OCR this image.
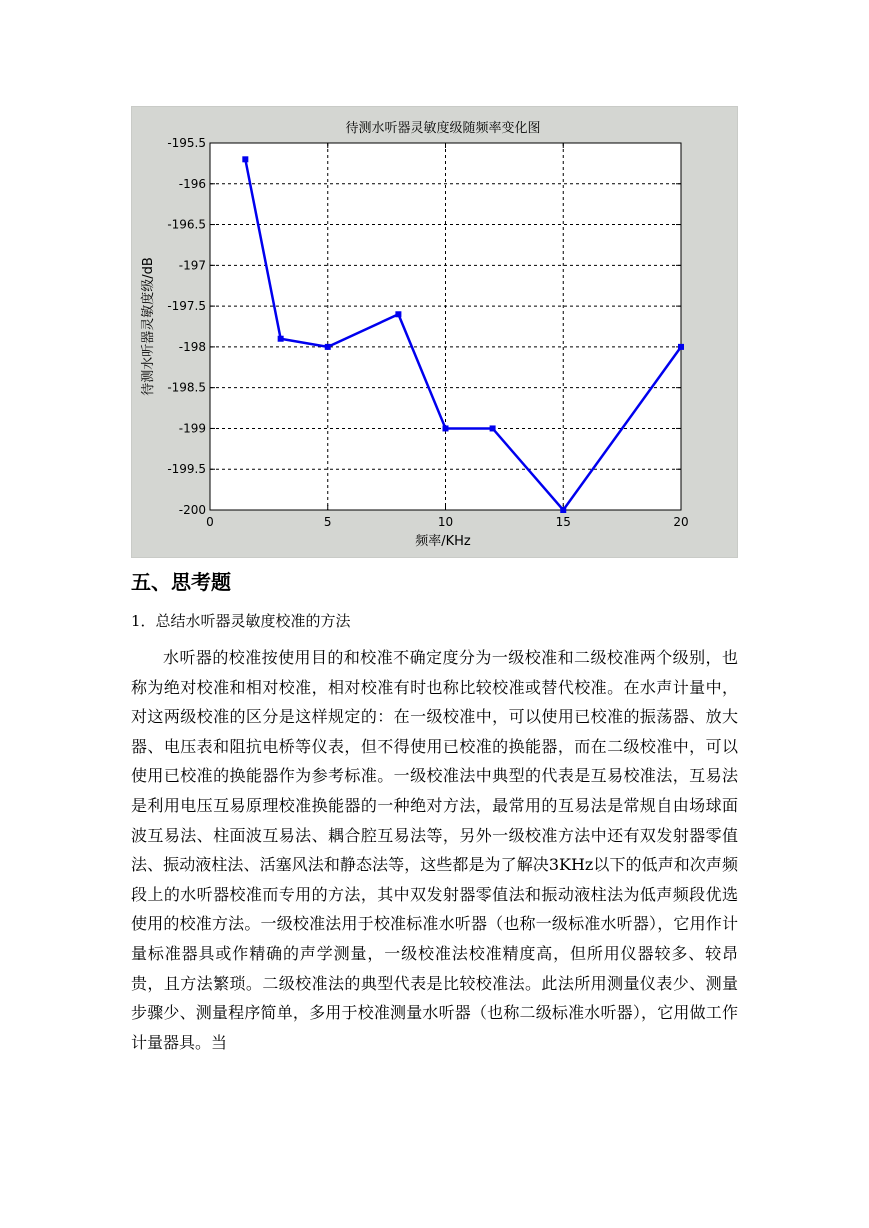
待测水听器灵敏度级随频率变化图
0	5	10	15	20
-195.5
-196
-196.5
-197
-197.5
-198
-198.5
-199
-199.5
-200
频率/KHz
待测水听器灵敏度级/dB
五、思考题

1．总结水听器灵敏度校准的方法

水听器的校准按使用目的和校准不确定度分为一级校准和二级校准两个级别，也称为绝对校准和相对校准，相对校准有时也称比较校准或替代校准。在水声计量中，对这两级校准的区分是这样规定的：在一级校准中，可以使用已校准的振荡器、放大器、电压表和阻抗电桥等仪表，但不得使用已校准的换能器，而在二级校准中，可以使用已校准的换能器作为参考标准。一级校准法中典型的代表是互易校准法，互易法是利用电压互易原理校准换能器的一种绝对方法，最常用的互易法是常规自由场球面波互易法、柱面波互易法、耦合腔互易法等，另外一级校准方法中还有双发射器零值法、振动液柱法、活塞风法和静态法等，这些都是为了解决3KHz以下的低声和次声频段上的水听器校准而专用的方法，其中双发射器零值法和振动液柱法为低声频段优选使用的校准方法。一级校准法用于校准标准水听器（也称一级标准水听器），它用作计量标准器具或作精确的声学测量，一级校准法校准精度高，但所用仪器较多、较昂贵，且方法繁琐。二级校准法的典型代表是比较校准法。此法所用测量仪表少、测量步骤少、测量程序简单，多用于校准测量水听器（也称二级标准水听器），它用做工作计量器具。当
